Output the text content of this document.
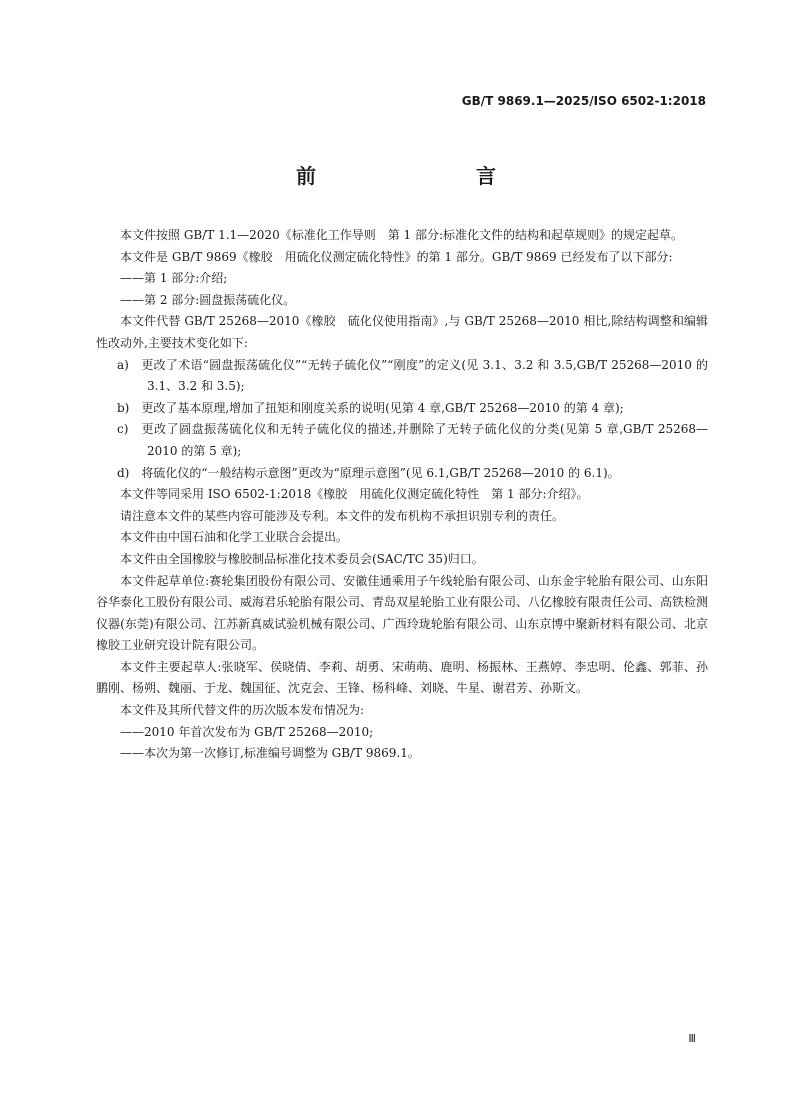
GB/T 9869.1—2025/ISO 6502-1:2018
前　　言

本文件按照 GB/T 1.1—2020《标准化工作导则　第 1 部分:标准化文件的结构和起草规则》的规定起草。

本文件是 GB/T 9869《橡胶　用硫化仪测定硫化特性》的第 1 部分。GB/T 9869 已经发布了以下部分:

——第 1 部分:介绍;

——第 2 部分:圆盘振荡硫化仪。

本文件代替 GB/T 25268—2010《橡胶　硫化仪使用指南》,与 GB/T 25268—2010 相比,除结构调整和编辑性改动外,主要技术变化如下:

a)　更改了术语“圆盘振荡硫化仪”“无转子硫化仪”“刚度”的定义(见 3.1、3.2 和 3.5,GB/T 25268—2010 的 3.1、3.2 和 3.5);

b)　更改了基本原理,增加了扭矩和刚度关系的说明(见第 4 章,GB/T 25268—2010 的第 4 章);

c)　更改了圆盘振荡硫化仪和无转子硫化仪的描述,并删除了无转子硫化仪的分类(见第 5 章,GB/T 25268—2010 的第 5 章);

d)　将硫化仪的“一般结构示意图”更改为“原理示意图”(见 6.1,GB/T 25268—2010 的 6.1)。

本文件等同采用 ISO 6502-1:2018《橡胶　用硫化仪测定硫化特性　第 1 部分:介绍》。

请注意本文件的某些内容可能涉及专利。本文件的发布机构不承担识别专利的责任。

本文件由中国石油和化学工业联合会提出。

本文件由全国橡胶与橡胶制品标准化技术委员会(SAC/TC 35)归口。

本文件起草单位:赛轮集团股份有限公司、安徽佳通乘用子午线轮胎有限公司、山东金宇轮胎有限公司、山东阳谷华泰化工股份有限公司、威海君乐轮胎有限公司、青岛双星轮胎工业有限公司、八亿橡胶有限责任公司、高铁检测仪器(东莞)有限公司、江苏新真威试验机械有限公司、广西玲珑轮胎有限公司、山东京博中聚新材料有限公司、北京橡胶工业研究设计院有限公司。

本文件主要起草人:张晓军、侯晓倩、李莉、胡勇、宋萌萌、鹿明、杨振林、王燕婷、李忠明、伦鑫、郭菲、孙鹏刚、杨朔、魏丽、于龙、魏国征、沈克会、王锋、杨科峰、刘晓、牛星、谢君芳、孙斯文。

本文件及其所代替文件的历次版本发布情况为:

——2010 年首次发布为 GB/T 25268—2010;

——本次为第一次修订,标准编号调整为 GB/T 9869.1。

Ⅲ
